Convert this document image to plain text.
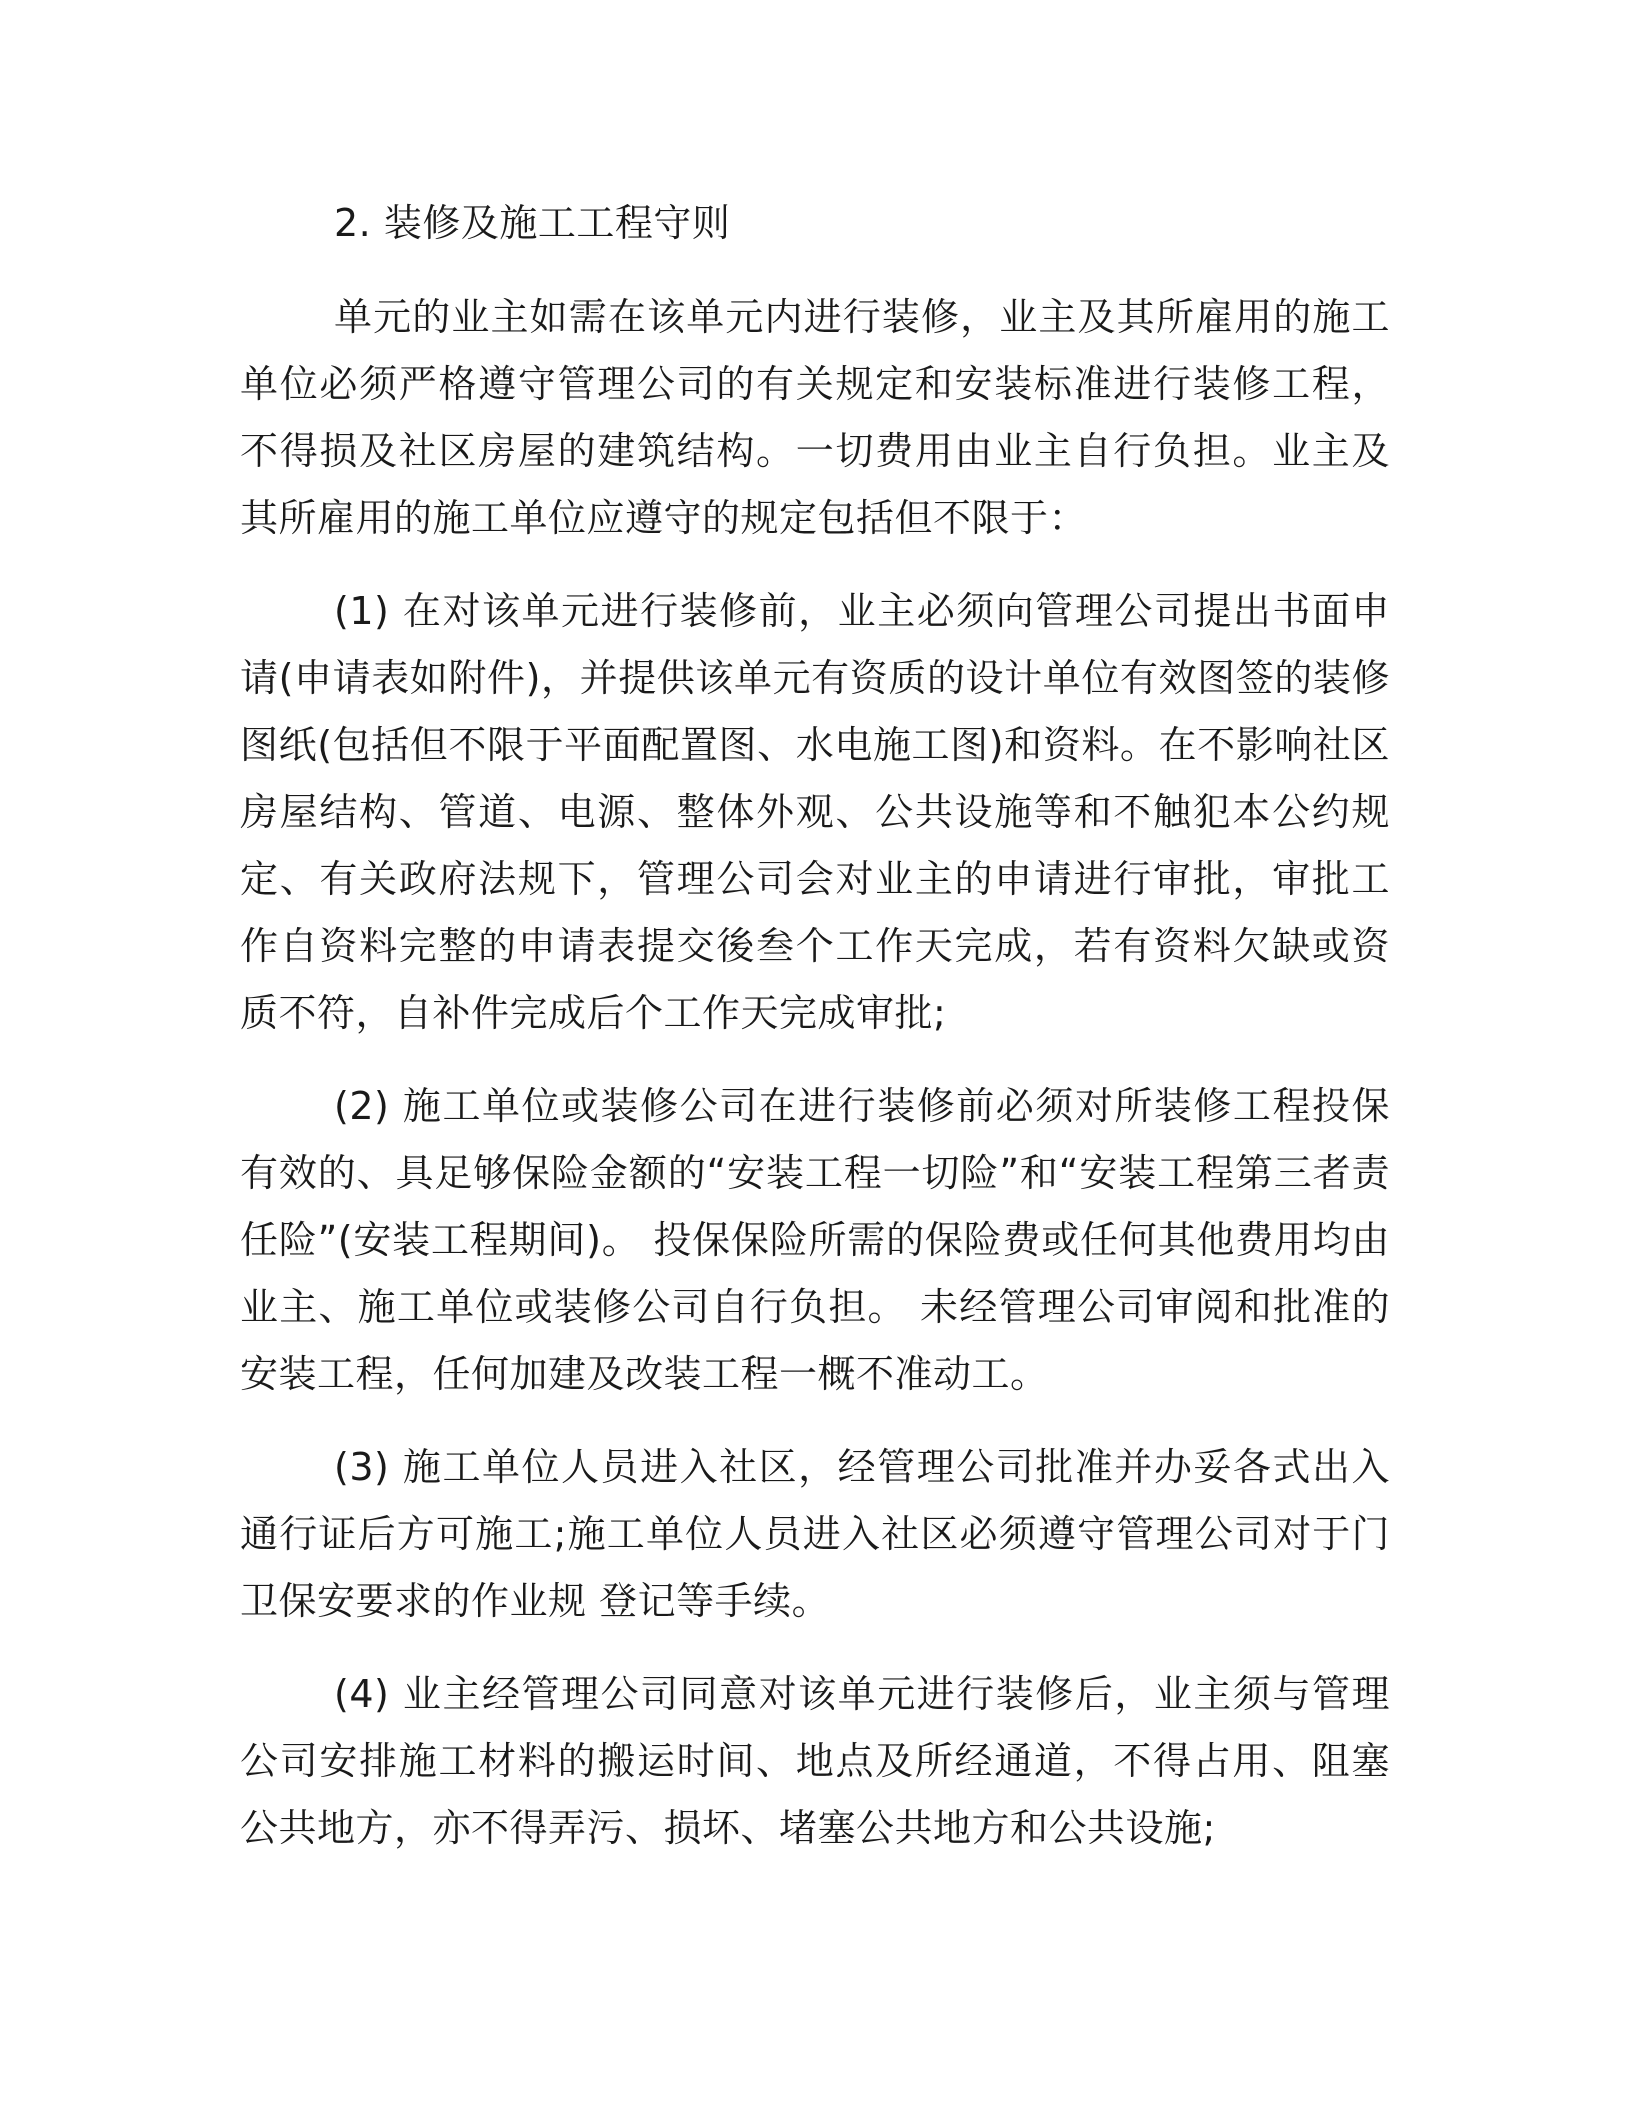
2. 装修及施工工程守则

单元的业主如需在该单元内进行装修，业主及其所雇用的施工单位必须严格遵守管理公司的有关规定和安装标准进行装修工程，不得损及社区房屋的建筑结构。一切费用由业主自行负担。业主及其所雇用的施工单位应遵守的规定包括但不限于：

(1) 在对该单元进行装修前，业主必须向管理公司提出书面申请(申请表如附件)，并提供该单元有资质的设计单位有效图签的装修图纸(包括但不限于平面配置图、水电施工图)和资料。在不影响社区房屋结构、管道、电源、整体外观、公共设施等和不触犯本公约规定、有关政府法规下，管理公司会对业主的申请进行审批，审批工作自资料完整的申请表提交後叁个工作天完成，若有资料欠缺或资质不符，自补件完成后个工作天完成审批;

(2) 施工单位或装修公司在进行装修前必须对所装修工程投保有效的、具足够保险金额的“安装工程一切险”和“安装工程第三者责任险”(安装工程期间)。 投保保险所需的保险费或任何其他费用均由业主、施工单位或装修公司自行负担。 未经管理公司审阅和批准的安装工程，任何加建及改装工程一概不准动工。

(3) 施工单位人员进入社区，经管理公司批准并办妥各式出入通行证后方可施工;施工单位人员进入社区必须遵守管理公司对于门卫保安要求的作业规 登记等手续。

(4) 业主经管理公司同意对该单元进行装修后，业主须与管理公司安排施工材料的搬运时间、地点及所经通道，不得占用、阻塞公共地方，亦不得弄污、损坏、堵塞公共地方和公共设施;
